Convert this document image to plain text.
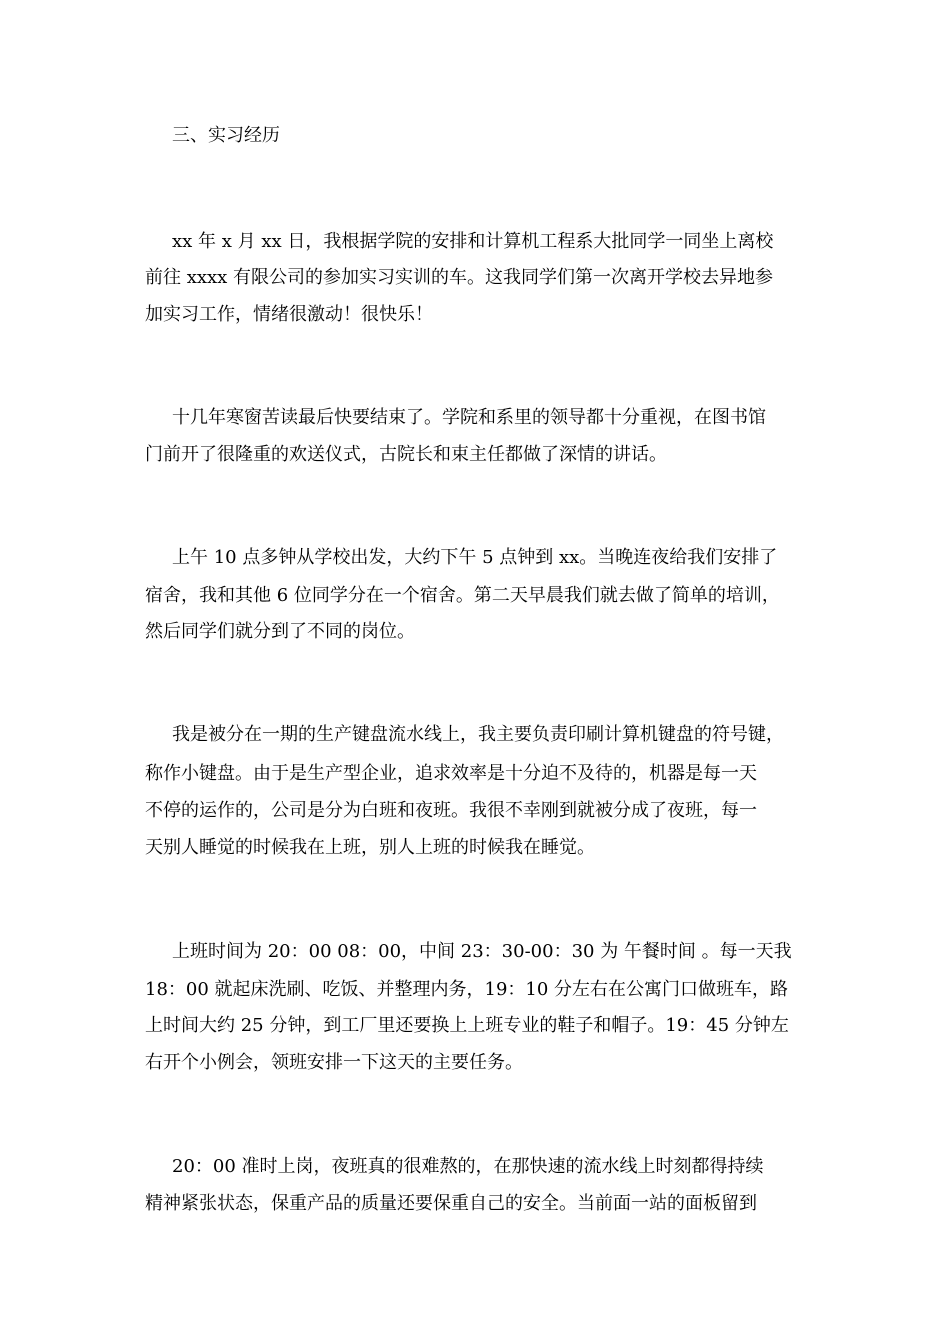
三、实习经历
xx 年 x 月 xx 日，我根据学院的安排和计算机工程系大批同学一同坐上离校
前往 xxxx 有限公司的参加实习实训的车。这我同学们第一次离开学校去异地参
加实习工作，情绪很激动！很快乐！
十几年寒窗苦读最后快要结束了。学院和系里的领导都十分重视，在图书馆
门前开了很隆重的欢送仪式，古院长和束主任都做了深情的讲话。
上午 10 点多钟从学校出发，大约下午 5 点钟到 xx。当晚连夜给我们安排了
宿舍，我和其他 6 位同学分在一个宿舍。第二天早晨我们就去做了简单的培训，
然后同学们就分到了不同的岗位。
我是被分在一期的生产键盘流水线上，我主要负责印刷计算机键盘的符号键，
称作小键盘。由于是生产型企业，追求效率是十分迫不及待的，机器是每一天
不停的运作的，公司是分为白班和夜班。我很不幸刚到就被分成了夜班，每一
天别人睡觉的时候我在上班，别人上班的时候我在睡觉。
上班时间为 20：00 08：00，中间 23：30-00：30 为 午餐时间 。每一天我
18：00 就起床洗刷、吃饭、并整理内务，19：10 分左右在公寓门口做班车，路
上时间大约 25 分钟，到工厂里还要换上上班专业的鞋子和帽子。19：45 分钟左
右开个小例会，领班安排一下这天的主要任务。
20：00 准时上岗，夜班真的很难熬的，在那快速的流水线上时刻都得持续
精神紧张状态，保重产品的质量还要保重自己的安全。当前面一站的面板留到
